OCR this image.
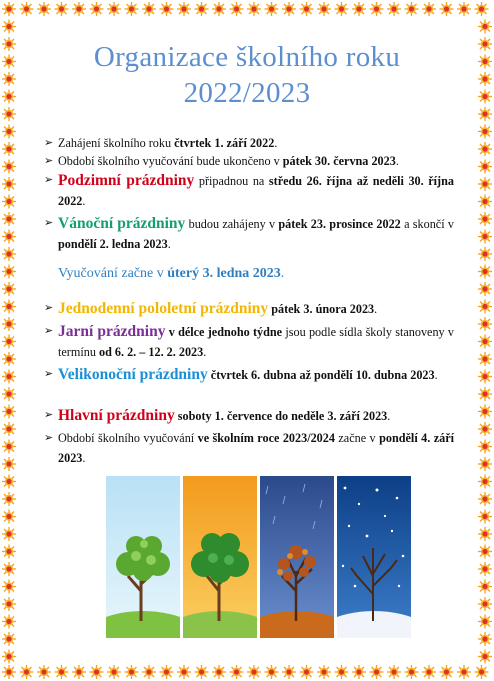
Organizace školního roku
2022/2023
➢ Zahájení školního roku čtvrtek 1. září 2022.
➢ Období školního vyučování bude ukončeno v pátek 30. června 2023.
➢ Podzimní prázdniny připadnou na středu 26. října až neděli 30. října 2022.
➢ Vánoční prázdniny budou zahájeny v pátek 23. prosince 2022 a skončí v pondělí 2. ledna 2023.
Vyučování začne v úterý 3. ledna 2023.
➢ Jednodenní pololetní prázdniny pátek 3. února 2023.
➢ Jarní prázdniny v délce jednoho týdne jsou podle sídla školy stanoveny v termínu od 6. 2. – 12. 2. 2023.
➢ Velikonoční prázdniny čtvrtek 6. dubna až pondělí 10. dubna 2023.
➢ Hlavní prázdniny soboty 1. července do neděle 3. září 2023.
➢ Období školního vyučování ve školním roce 2023/2024 začne v pondělí 4. září 2023.
